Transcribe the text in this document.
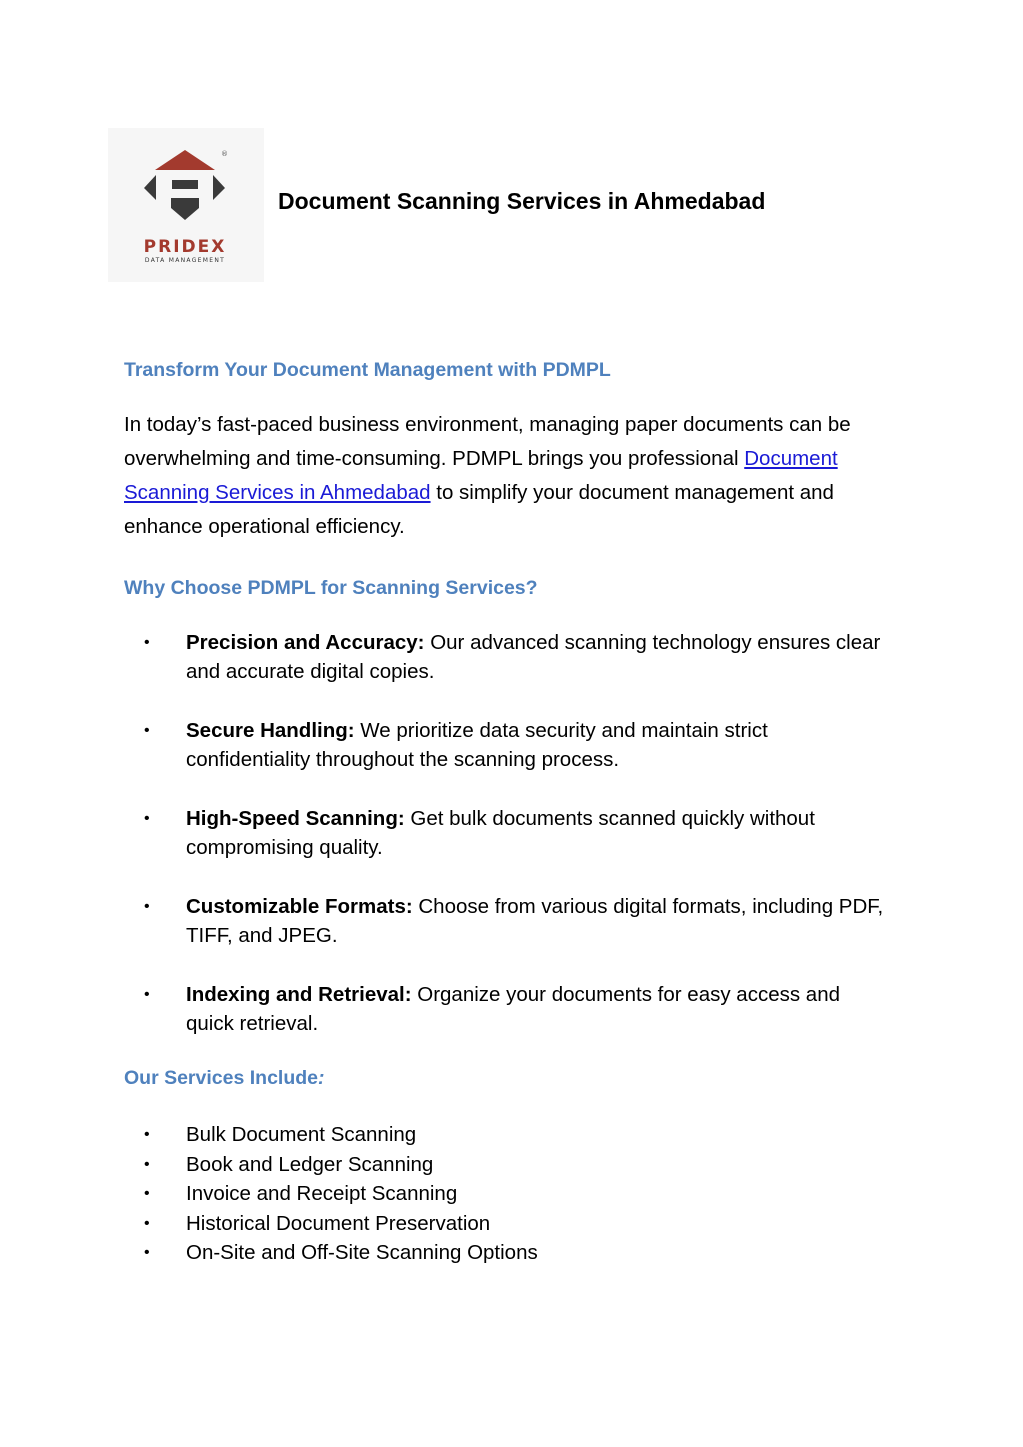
®
PRIDEX
DATA MANAGEMENT
Document Scanning Services in Ahmedabad
Transform Your Document Management with PDMPL

In today’s fast-paced business environment, managing paper documents can be overwhelming and time-consuming. PDMPL brings you professional Document Scanning Services in Ahmedabad to simplify your document management and enhance operational efficiency.

Why Choose PDMPL for Scanning Services?
• Precision and Accuracy: Our advanced scanning technology ensures clear and accurate digital copies.
• Secure Handling: We prioritize data security and maintain strict confidentiality throughout the scanning process.
• High-Speed Scanning: Get bulk documents scanned quickly without compromising quality.
• Customizable Formats: Choose from various digital formats, including PDF, TIFF, and JPEG.
• Indexing and Retrieval: Organize your documents for easy access and quick retrieval.
Our Services Include:
• Bulk Document Scanning
• Book and Ledger Scanning
• Invoice and Receipt Scanning
• Historical Document Preservation
• On-Site and Off-Site Scanning Options
